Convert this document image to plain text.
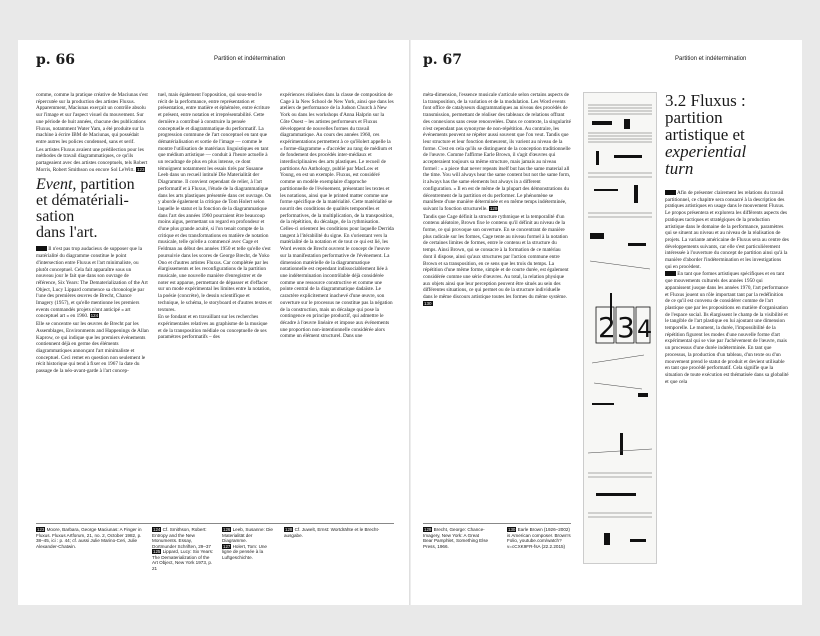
p. 66	Partition et indétermination

comme, comme la pratique créative de Maciunas s'est répercutée sur la production des artistes Fluxus. Apparemment, Maciunas exerçait un contrôle absolu sur l'image et sur l'aspect visuel du mouvement. Sur une période de huit années, chacune des publications Fluxus, notamment Water Yam, a été produite sur la machine à écrire IBM de Maciunas, qui possédait entre autres les polices condensed, sans et serif.

Les artistes Fluxus avaient une prédilection pour les méthodes de travail diagrammatiques, ce qu'ils partageaient avec des artistes conceptuels, tels Robert Morris, Robert Smithson ou encore Sol LeWitt. 123

Event, partition
et dématériali-
sation
dans l'art.

Il n'est pas trop audacieux de supposer que la matérialité du diagramme constitue le point d'intersection entre Fluxus et l'art minimaliste, ou plutôt conceptuel. Cela fait apparaître sous un nouveau jour le fait que dans son ouvrage de référence, Six Years: The Dematerialization of the Art Object, Lucy Lippard commence sa chronologie par l'une des premières œuvres de Brecht, Chance Imagery (1957), et qu'elle mentionne les premiers events commandés projets n'ont anticipé « art conceptuel art » en 1960. 124

Elle se concentre sur les œuvres de Brecht par les Assemblages, Environments and Happenings de Allan Kaprow, ce qui indique que les premiers événements contiennent déjà en germe des éléments diagrammatiques annonçant l'art minimaliste et conceptuel. Ceci remet en question non seulement le récit historique qui tend à fixer en 1967 la date du passage de la néo-avant-garde à l'art concep-

tuel, mais également l'opposition, qui sous-tend le récit de la performance, entre représentation et présentation, entre matière et éphémère, entre écriture et présent, entre notation et irreprésentabilité. Cette dernière a contribué à construire la pensée conceptuelle et diagrammatique du performatif. La progression commune de l'art conceptuel en tant que dématérialisation et sortie de l'image — comme le montre l'utilisation de matériaux linguistiques en tant que médium artistique — conduit à l'heure actuelle à un recadrage de plus en plus intense, ce dont témoignent notamment les essais tirés par Susanne Leeb dans un recueil intitulé Die Materialität der Diagramme. Il convient cependant de relier, à l'art performatif et à Fluxus, l'étude de la diagrammatique dans les arts plastiques présentée dans cet ouvrage. On y aborde également la critique de Tom Holert selon laquelle le statut et la fonction de la diagrammatique dans l'art des années 1960 pourraient être beaucoup moins aigus, permettant un regard en profondeur et d'une plus grande acuité, si l'on tenait compte de la critique et des transformations en matière de notation musicale, telle qu'elle a commencé avec Cage et Feldman au début des années 1950 et telle qu'elle s'est poursuivie dans les scores de George Brecht, de Yoko Ono et d'autres artistes Fluxus. Car complétée par les élargissements et les reconfigurations de la partition musicale, une nouvelle manière d'enregistrer et de noter est apparue, permettant de dépasser et d'effacer sur un mode expérimental les limites entre la notation, la poésie (concrète), le dessin scientifique et technique, le schéma, le storyboard et d'autres textes et textures.

En se fondant et en travaillant sur les recherches expérimentales relatives au graphisme de la musique et de la transposition médiale ou conceptuelle de ses paramètres performatifs – des

expériences réalisées dans la classe de composition de Cage à la New School de New York, ainsi que dans les ateliers de performance de la Judson Church à New York ou dans les workshops d'Anna Halprin sur la Côte Ouest – les artistes performeurs et Fluxus développent de nouvelles formes du travail diagrammatique. Au cours des années 1960, ces expérimentations permettent à ce qu'Holert appelle la « forme-diagramme » d'accéder au rang de médium et de fondement des procédés inter-médiaux et interdisciplinaires des arts plastiques. Le recueil de partitions An Anthology, publié par MacLow et Young, en est un exemple. Fluxus, est considéré comme un modèle exemplaire d'approche partitionnelle de l'événement, présentant les textes et les notations, ainsi que le printed matter comme une forme spécifique de la matérialité. Cette matérialité se nourrit des conditions de qualités temporelles et performatives, de la multiplication, de la transposition, de la répétition, du décalage, de la rythmisation. Celles-ci orientent les conditions pour laquelle Derrida tangent à l'itérabilité du signe. En s'orientant vers la matérialité de la notation et de tout ce qui est lié, les Word events de Brecht ouvrent le concept de l'œuvre sur la manifestation performative de l'événement. La dimension matérielle de la diagrammatique notationnelle est cependant indissociablement liée à une indétermination incontrôlable déjà considérée comme une ressource constructive et comme une pointe central de la diagrammatique dadaïste. Le caractère explicitement inachevé d'une œuvre, son ouverture sur le processus ne constitue pas la négation de la construction, mais un décalage qui pose la contingence en principe productif, qui admettre le décadre à l'œuvre linéaire et impose aux événements une proportion non-intentionnelle considérée alors comme un élément structurel. Dans une

123 Moore, Barbara, George Maciunas: A Finger in Fluxus. Fluxus Artforum, 21, no. 2, October 1982, p. 38–45, ici : p. 44; cf. aussi Julie Marino-Ceri, Julie Alexander-Chatwin.
124 Cf. Smithson, Robert: Entropy and the New Monuments. Essay, Dortmunder Schriften, 29–37
125 Lippard, Lucy: Six Years: The Dematerialization of the Art Object, New York 1973, p. 21
126 Leeb, Susanne: Die Materialität der Diagramme.
127 Holert, Tom: Une ligne de pensée à la Luftgeschichte.
128 Cf. Juwelt, Ernst: Wortdrähte et le Brecht-ausgabe.
p. 67	Partition et indétermination

méta-dimension, l'essence musicale s'articule selon certains aspects de la transposition, de la variation et de la modulation. Les Word events font office de catalyseurs diagrammatiques au niveau des procédés de transmission, permettant de réaliser des tableaux de relations offrant des connexions sans cesse renouvelées. Dans ce contexte, la singularité n'est cependant pas synonyme de non-répétition. Au contraire, les événements peuvent se répéter aussi souvent que l'on veut. Tandis que leur structure et leur fonction demeurent, ils varient au niveau de la forme. C'est en cela qu'ils se distinguent de la conception traditionnelle de l'œuvre. Comme l'affirme Earle Brown, il s'agit d'œuvres qui accepteraient toujours sa même structure, mais jamais au niveau formel : « a piece that never repeats itself but has the same material all the time. You will always hear the same content but not the same form, it always has the same elements but always in a different configuration. » Il en est de même de la plupart des démonstrations du décentrement de la partition et du performer. Le phénomène se manifeste d'une manière déterminée et en même temps indéterminée, suivant la fonction structurelle. 129

Tandis que Cage définit la structure rythmique et la temporalité d'un contenu aléatoire, Brown fixe le contenu qu'il définit au niveau de la forme, ce qui provoque son ouverture. En se concentrant de manière plus radicale sur les formes, Cage tente au niveau formel à la notation de certaines limites de formes, entre le contenu et la structure du temps. Ainsi Brown, qui se consacre à la formation de ce matériau dont il dispose, ainsi qu'aux structures par l'action commune entre Brown et sa transposition, en ce sens que les trois du temps. La répétition d'une même forme, simple et de courte durée, est également considérée comme une série d'œuvres. Au total, la relation physique aux objets ainsi que leur perception peuvent être situés au sein des différentes situations, ce qui permet ou de la structure individuelle dans le même discours artistique toutes les formes du même système. 130

2 3 4
3.2 Fluxus :
partition
artistique et
experiential
turn

Afin de présenter clairement les relations du travail partitionnel, ce chapitre sera consacré à la description des pratiques artistiques en usage dans le mouvement Fluxus. Le propos présentera et explorera les différents aspects des pratiques tactiques et stratégiques de la production artistique dans le domaine de la performance, paramètres qui se situent au niveau et au niveau de la réalisation de projets. La variante américaine de Fluxus sera au centre des développements suivants, car elle s'est particulièrement intéressée à l'ouverture du concept de partition ainsi qu'à la manière d'aborder l'indétermination et les investigations qui en procèdent.

En tant que formes artistiques spécifiques et en tant que mouvements culturels des années 1950 qui apparaissent jusque dans les années 1970, l'art performance et Fluxus jouent un rôle important tant par la redéfinition de ce qu'il est convenu de considérer comme de l'art plastique que par les propositions en matière d'organisation de l'espace social. Ils élargissent le champ de la visibilité et le tangible de l'art plastique en lui ajoutant une dimension temporelle. Le moment, la durée, l'impossibilité de la répétition figurent les modes d'une nouvelle forme d'art expérimental qui se vise par l'achèvement de l'œuvre, mais un processus d'une durée indéterminée. En tant que processus, la production d'un tableau, d'un texte ou d'un mouvement prend le statut de produit et devient utilisable en tant que procédé performatif. Cela signifie que la situation de toute exécution est thématisée dans sa globalité et que cela

129 Brecht, George: Chance-Imagery, New York: A Great Bear Pamphlet, Something Else Press, 1966.
130 Earle Brown (1926–2002) is American composer. Brown's Folio, youtube.com/watch?v=cCXK9FR-fsA (22.2.2015)
